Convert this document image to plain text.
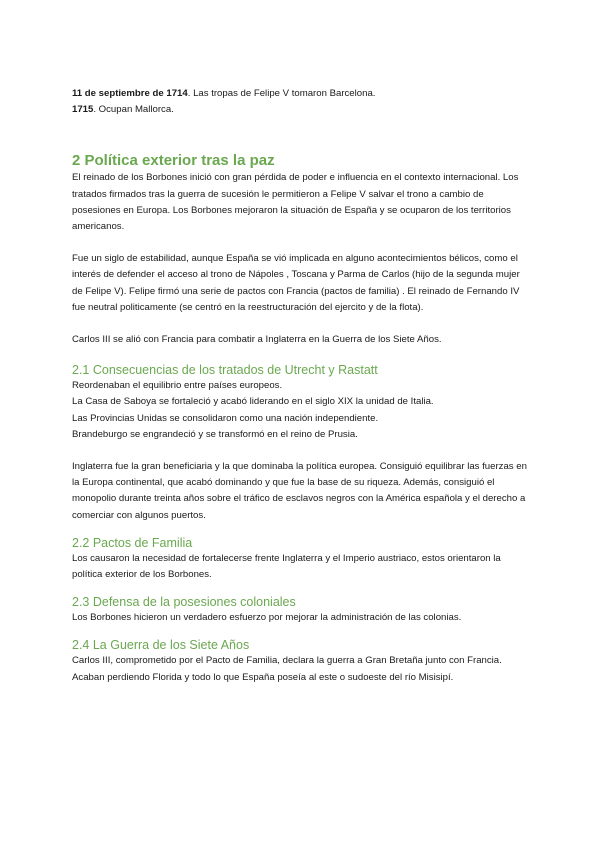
11 de septiembre de 1714. Las tropas de Felipe V tomaron Barcelona.

1715. Ocupan Mallorca.

2 Política exterior tras la paz

El reinado de los Borbones inició con gran pérdida de poder e influencia en el contexto internacional. Los tratados firmados tras la guerra de sucesión le permitieron a Felipe V salvar el trono a cambio de posesiones en Europa. Los Borbones mejoraron la situación de España y se ocuparon de los territorios americanos.

Fue un siglo de estabilidad, aunque España se vió implicada en alguno acontecimientos bélicos, como el interés de defender el acceso al trono de Nápoles , Toscana y Parma de Carlos (hijo de la segunda mujer de Felipe V). Felipe firmó una serie de pactos con Francia (pactos de familia) . El reinado de Fernando IV fue neutral politicamente (se centró en la reestructuración del ejercito y de la flota).

Carlos III se alió con Francia para combatir a Inglaterra en la Guerra de los Siete Años.

2.1 Consecuencias de los tratados de Utrecht y Rastatt

Reordenaban el equilibrio entre países europeos.

La Casa de Saboya se fortaleció y acabó liderando en el siglo XIX la unidad de Italia.

Las Provincias Unidas se consolidaron como una nación independiente.

Brandeburgo se engrandeció y se transformó en el reino de Prusia.

Inglaterra fue la gran beneficiaria y la que dominaba la política europea. Consiguió equilibrar las fuerzas en la Europa continental, que acabó dominando y que fue la base de su riqueza. Además, consiguió el monopolio durante treinta años sobre el tráfico de esclavos negros con la América española y el derecho a comerciar con algunos puertos.

2.2 Pactos de Familia

Los causaron la necesidad de fortalecerse frente Inglaterra y el Imperio austriaco, estos orientaron la política exterior de los Borbones.

2.3 Defensa de la posesiones coloniales

Los Borbones hicieron un verdadero esfuerzo por mejorar la administración de las colonias.

2.4 La Guerra de los Siete Años

Carlos III, comprometido por el Pacto de Familia, declara la guerra a Gran Bretaña junto con Francia. Acaban perdiendo Florida y todo lo que España poseía al este o sudoeste del río Misisipí.
